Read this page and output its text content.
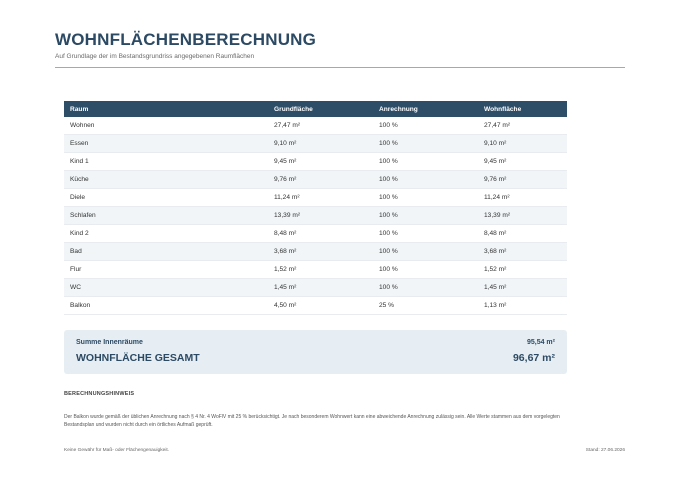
WOHNFLÄCHENBERECHNUNG
Auf Grundlage der im Bestandsgrundriss angegebenen Raumflächen
Raum	Grundfläche	Anrechnung	Wohnfläche
Wohnen	27,47 m²	100 %	27,47 m²
Essen	9,10 m²	100 %	9,10 m²
Kind 1	9,45 m²	100 %	9,45 m²
Küche	9,76 m²	100 %	9,76 m²
Diele	11,24 m²	100 %	11,24 m²
Schlafen	13,39 m²	100 %	13,39 m²
Kind 2	8,48 m²	100 %	8,48 m²
Bad	3,68 m²	100 %	3,68 m²
Flur	1,52 m²	100 %	1,52 m²
WC	1,45 m²	100 %	1,45 m²
Balkon	4,50 m²	25 %	1,13 m²
Summe Innenräume	95,54 m²
WOHNFLÄCHE GESAMT	96,67 m²
BERECHNUNGSHINWEIS
Der Balkon wurde gemäß der üblichen Anrechnung nach § 4 Nr. 4 WoFlV mit 25 % berücksichtigt. Je nach besonderem Wohnwert kann eine abweichende Anrechnung zulässig sein. Alle Werte stammen aus dem vorgelegten Bestandsplan und wurden nicht durch ein örtliches Aufmaß geprüft.
Keine Gewähr für Maß- oder Flächengenauigkeit.	Stand: 27.06.2026
